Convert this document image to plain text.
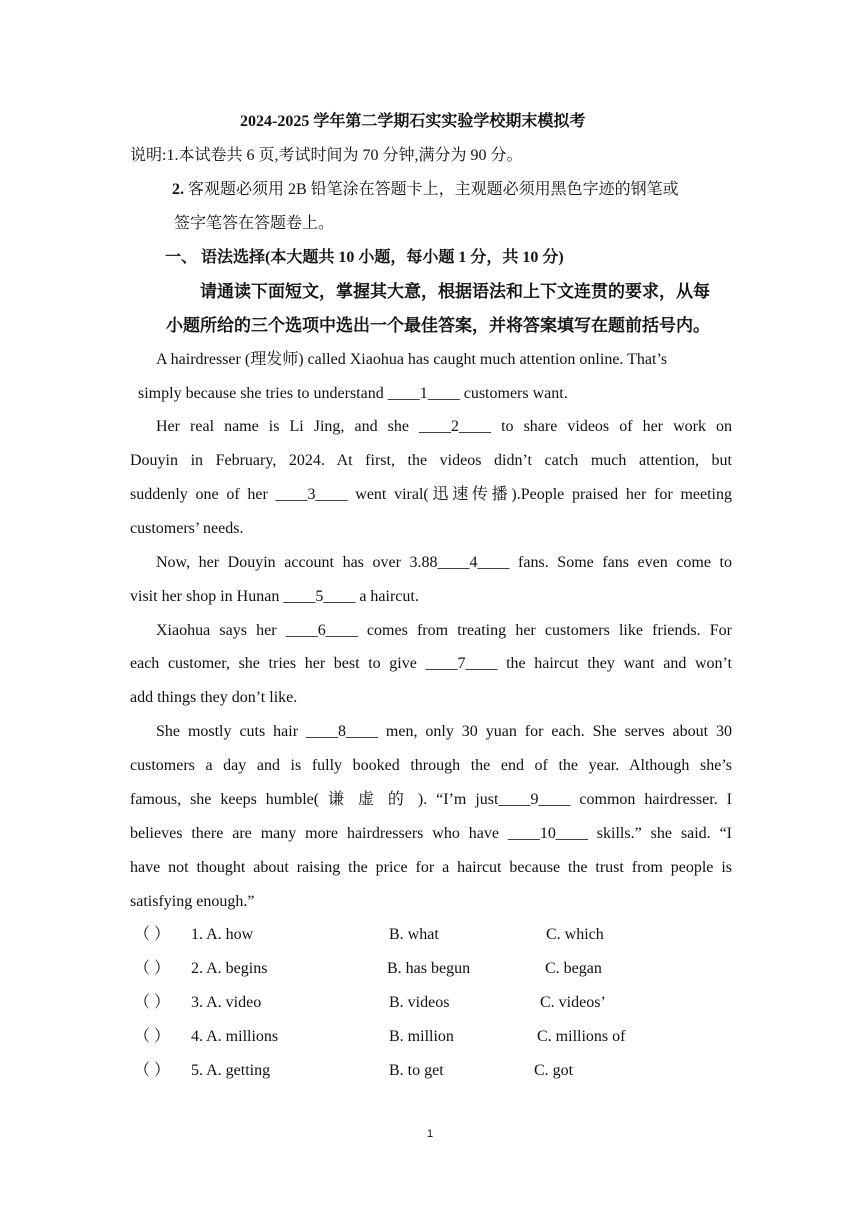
2024-2025 学年第二学期石实实验学校期末模拟考
说明:1.本试卷共 6 页,考试时间为 70 分钟,满分为 90 分。
2. 客观题必须用 2B 铅笔涂在答题卡上，主观题必须用黑色字迹的钢笔或
签字笔答在答题卷上。
一、 语法选择(本大题共 10 小题，每小题 1 分，共 10 分)
请通读下面短文，掌握其大意，根据语法和上下文连贯的要求，从每
小题所给的三个选项中选出一个最佳答案，并将答案填写在题前括号内。
A hairdresser (理发师) called Xiaohua has caught much attention online. That’s
simply because she tries to understand ____1____ customers want.
Her real name is Li Jing, and she ____2____ to share videos of her work on
Douyin in February, 2024. At first, the videos didn’t catch much attention, but
suddenly one of her ____3____ went viral(迅速传播).People praised her for meeting
customers’ needs.
Now, her Douyin account has over 3.88____4____ fans. Some fans even come to
visit her shop in Hunan ____5____ a haircut.
Xiaohua says her ____6____ comes from treating her customers like friends. For
each customer, she tries her best to give ____7____ the haircut they want and won’t
add things they don’t like.
She mostly cuts hair ____8____ men, only 30 yuan for each. She serves about 30
customers a day and is fully booked through the end of the year. Although she’s
famous, she keeps humble( 谦 虚 的 ). “I’m just____9____ common hairdresser. I
believes there are many more hairdressers who have ____10____ skills.” she said. “I
have not thought about raising the price for a haircut because the trust from people is
satisfying enough.”
（ ） 1. A. how	B. what	C. which
（ ） 2. A. begins	B. has begun	C. began
（ ） 3. A. video	B. videos	C. videos’
（ ） 4. A. millions	B. million	C. millions of
（ ） 5. A. getting	B. to get	C. got
1
